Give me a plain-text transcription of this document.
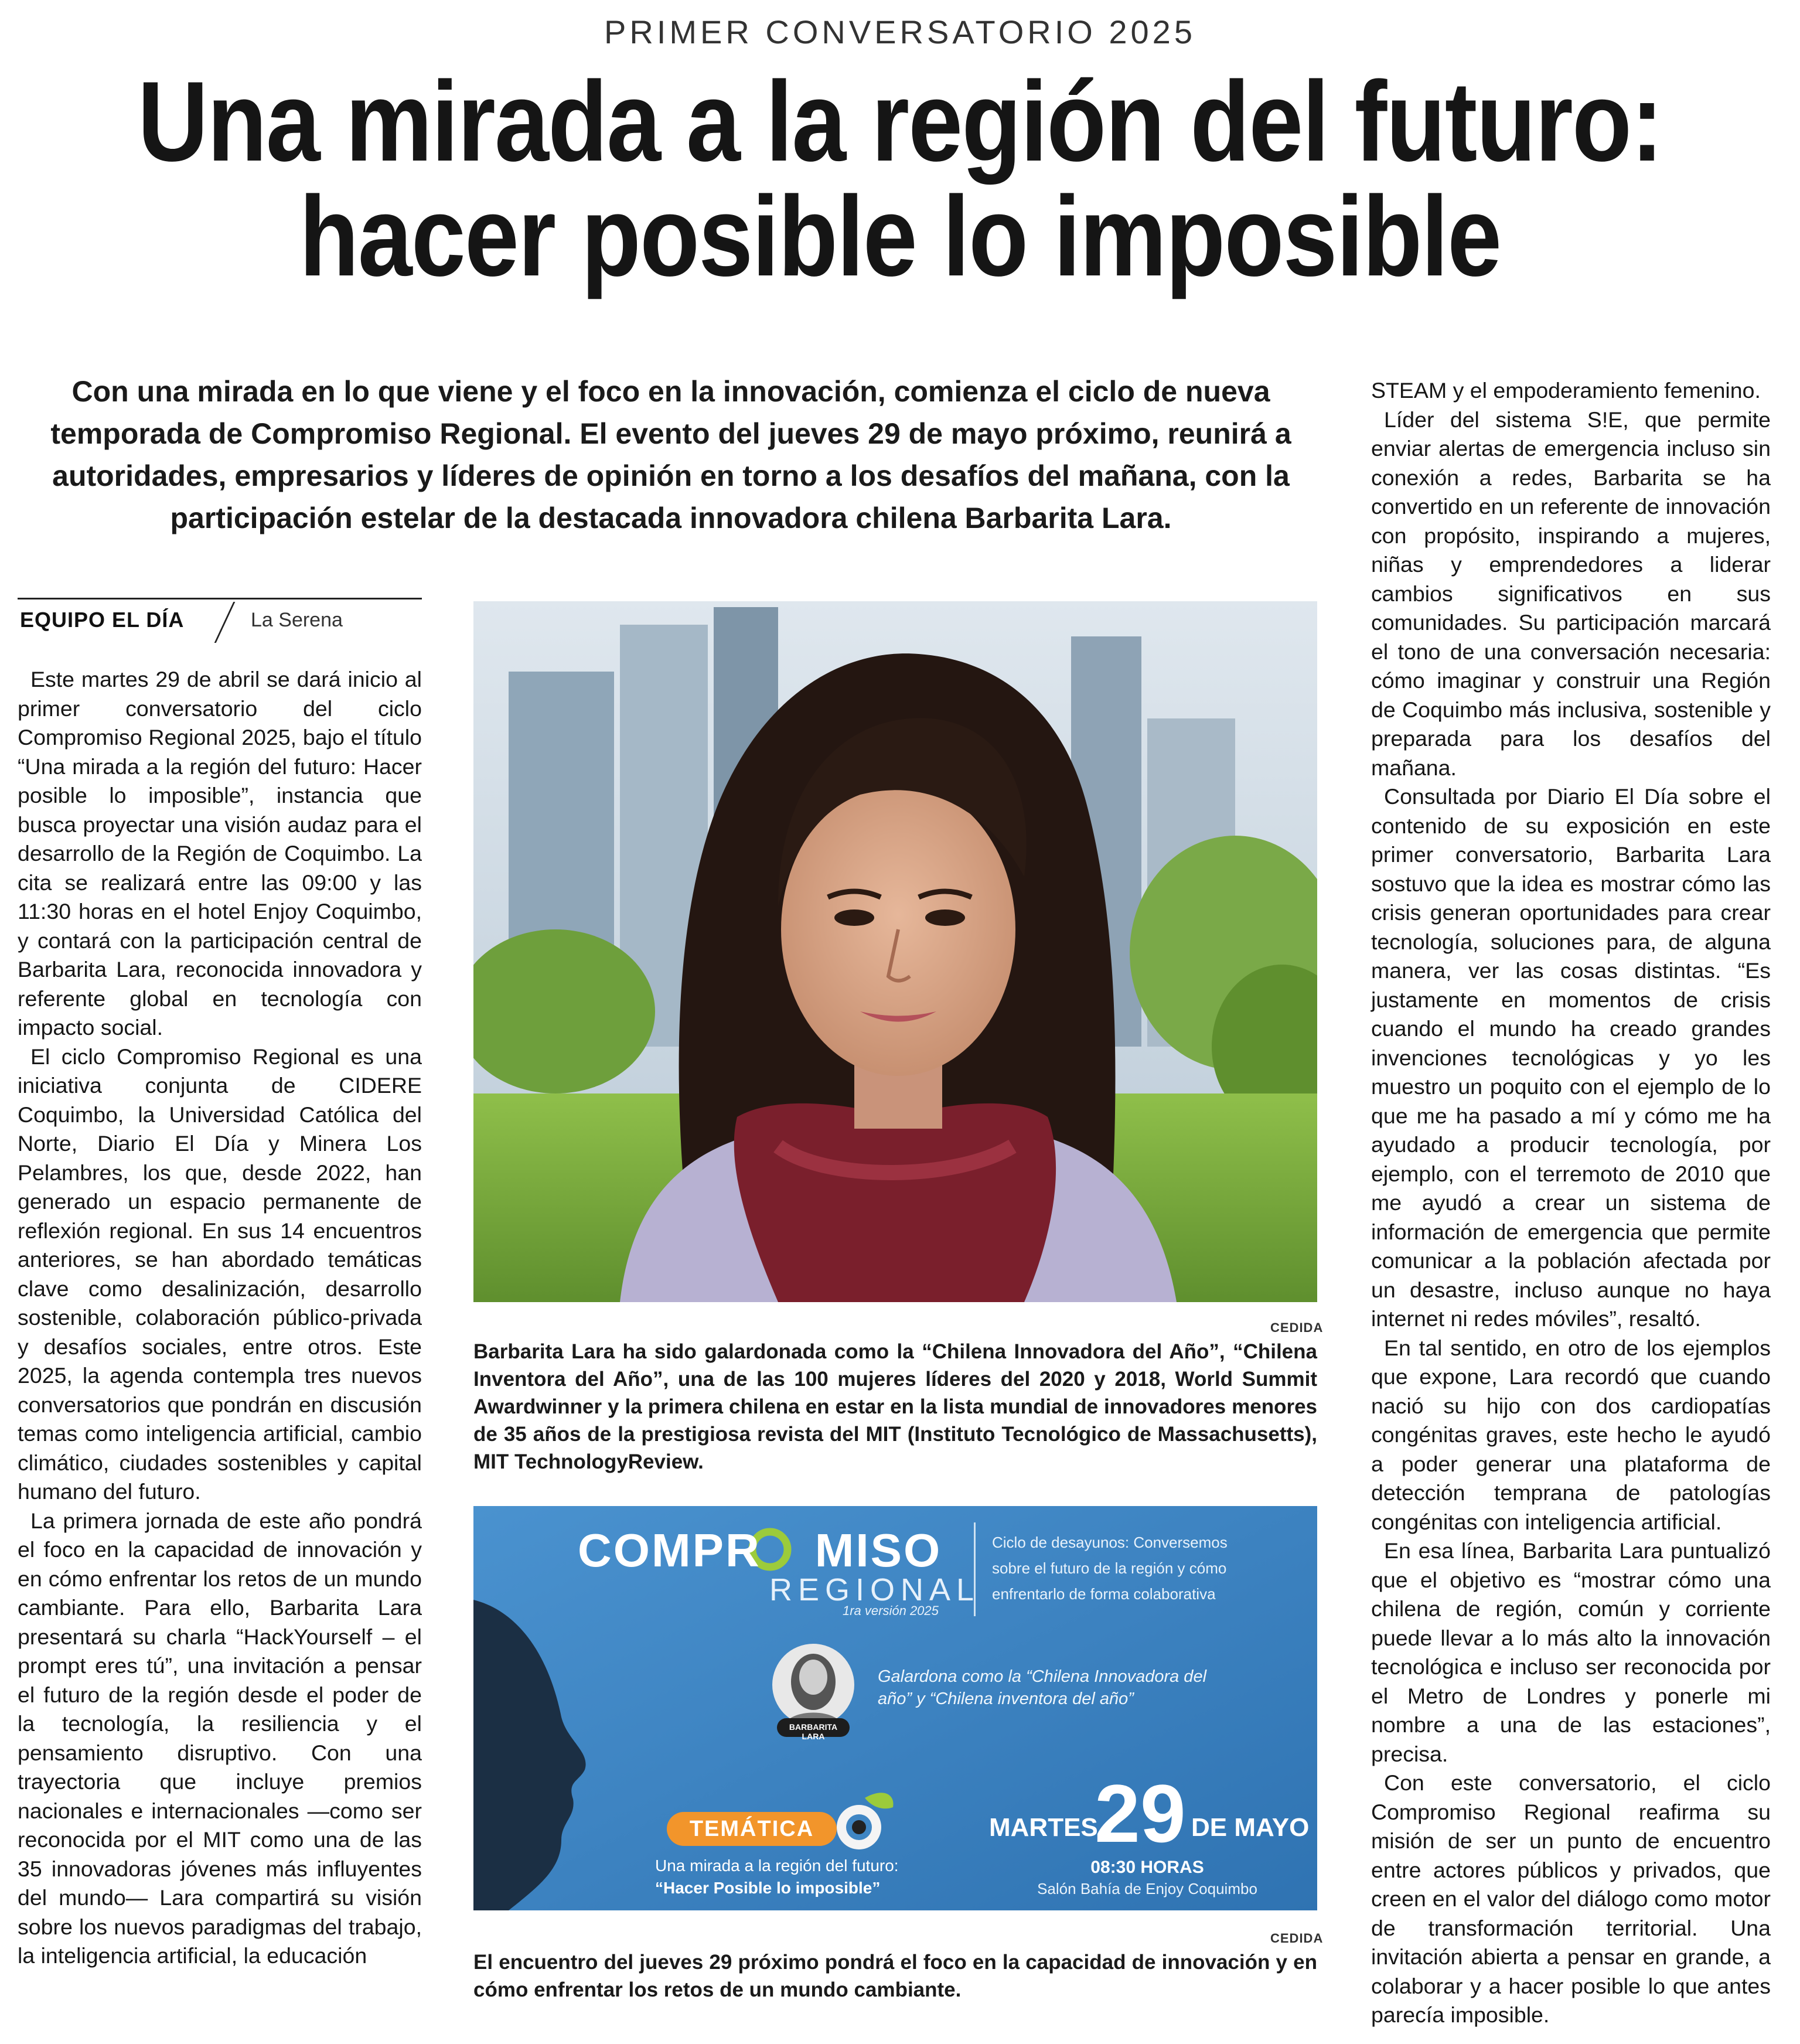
PRIMER CONVERSATORIO 2025
Una mirada a la región del futuro:
hacer posible lo imposible
Con una mirada en lo que viene y el foco en la innovación, comienza el ciclo de nueva temporada de Compromiso Regional. El evento del jueves 29 de mayo próximo, reunirá a autoridades, empresarios y líderes de opinión en torno a los desafíos del mañana, con la participación estelar de la destacada innovadora chilena Barbarita Lara.
EQUIPO EL DÍA	La Serena

Este martes 29 de abril se dará inicio al primer conversatorio del ciclo Compromiso Regional 2025, bajo el título “Una mirada a la región del futuro: Hacer posible lo imposible”, instancia que busca proyectar una visión audaz para el desarrollo de la Región de Coquimbo. La cita se realizará entre las 09:00 y las 11:30 horas en el hotel Enjoy Coquimbo, y contará con la participación central de Barbarita Lara, reconocida innovadora y referente global en tecnología con impacto social.

El ciclo Compromiso Regional es una iniciativa conjunta de CIDERE Coquimbo, la Universidad Católica del Norte, Diario El Día y Minera Los Pelambres, los que, desde 2022, han generado un espacio permanente de reflexión regional. En sus 14 encuentros anteriores, se han abordado temáticas clave como desalinización, desarrollo sostenible, colaboración público-privada y desafíos sociales, entre otros. Este 2025, la agenda contempla tres nuevos conversatorios que pondrán en discusión temas como inteligencia artificial, cambio climático, ciudades sostenibles y capital humano del futuro.

La primera jornada de este año pondrá el foco en la capacidad de innovación y en cómo enfrentar los retos de un mundo cambiante. Para ello, Barbarita Lara presentará su charla “HackYourself – el prompt eres tú”, una invitación a pensar el futuro de la región desde el poder de la tecnología, la resiliencia y el pensamiento disruptivo. Con una trayectoria que incluye premios nacionales e internacionales —como ser reconocida por el MIT como una de las 35 innovadoras jóvenes más influyentes del mundo— Lara compartirá su visión sobre los nuevos paradigmas del trabajo, la inteligencia artificial, la educación

CEDIDA
Barbarita Lara ha sido galardonada como la “Chilena Innovadora del Año”, “Chilena Inventora del Año”, una de las 100 mujeres líderes del 2020 y 2018, World Summit Awardwinner y la primera chilena en estar en la lista mundial de innovadores menores de 35 años de la prestigiosa revista del MIT (Instituto Tecnológico de Massachusetts), MIT TechnologyReview.
COMPR MISO
REGIONAL
1ra versión 2025
Ciclo de desayunos: Conversemos
sobre el futuro de la región y cómo
enfrentarlo de forma colaborativa
Galardona como la “Chilena Innovadora del
año” y “Chilena inventora del año”
BARBARITA LARA
TEMÁTICA
Una mirada a la región del futuro:
“Hacer Posible lo imposible”
MARTES
29 DE MAYO
08:30 HORAS
Salón Bahía de Enjoy Coquimbo
CEDIDA
El encuentro del jueves 29 próximo pondrá el foco en la capacidad de innovación y en cómo enfrentar los retos de un mundo cambiante.

STEAM y el empoderamiento femenino.

Líder del sistema S!E, que permite enviar alertas de emergencia incluso sin conexión a redes, Barbarita se ha convertido en un referente de innovación con propósito, inspirando a mujeres, niñas y emprendedores a liderar cambios significativos en sus comunidades. Su participación marcará el tono de una conversación necesaria: cómo imaginar y construir una Región de Coquimbo más inclusiva, sostenible y preparada para los desafíos del mañana.

Consultada por Diario El Día sobre el contenido de su exposición en este primer conversatorio, Barbarita Lara sostuvo que la idea es mostrar cómo las crisis generan oportunidades para crear tecnología, soluciones para, de alguna manera, ver las cosas distintas. “Es justamente en momentos de crisis cuando el mundo ha creado grandes invenciones tecnológicas y yo les muestro un poquito con el ejemplo de lo que me ha pasado a mí y cómo me ha ayudado a producir tecnología, por ejemplo, con el terremoto de 2010 que me ayudó a crear un sistema de información de emergencia que permite comunicar a la población afectada por un desastre, incluso aunque no haya internet ni redes móviles”, resaltó.

En tal sentido, en otro de los ejemplos que expone, Lara recordó que cuando nació su hijo con dos cardiopatías congénitas graves, este hecho le ayudó a poder generar una plataforma de detección temprana de patologías congénitas con inteligencia artificial.

En esa línea, Barbarita Lara puntualizó que el objetivo es “mostrar cómo una chilena de región, común y corriente puede llevar a lo más alto la innovación tecnológica e incluso ser reconocida por el Metro de Londres y ponerle mi nombre a una de las estaciones”, precisa.

Con este conversatorio, el ciclo Compromiso Regional reafirma su misión de ser un punto de encuentro entre actores públicos y privados, que creen en el valor del diálogo como motor de transformación territorial. Una invitación abierta a pensar en grande, a colaborar y a hacer posible lo que antes parecía imposible.
